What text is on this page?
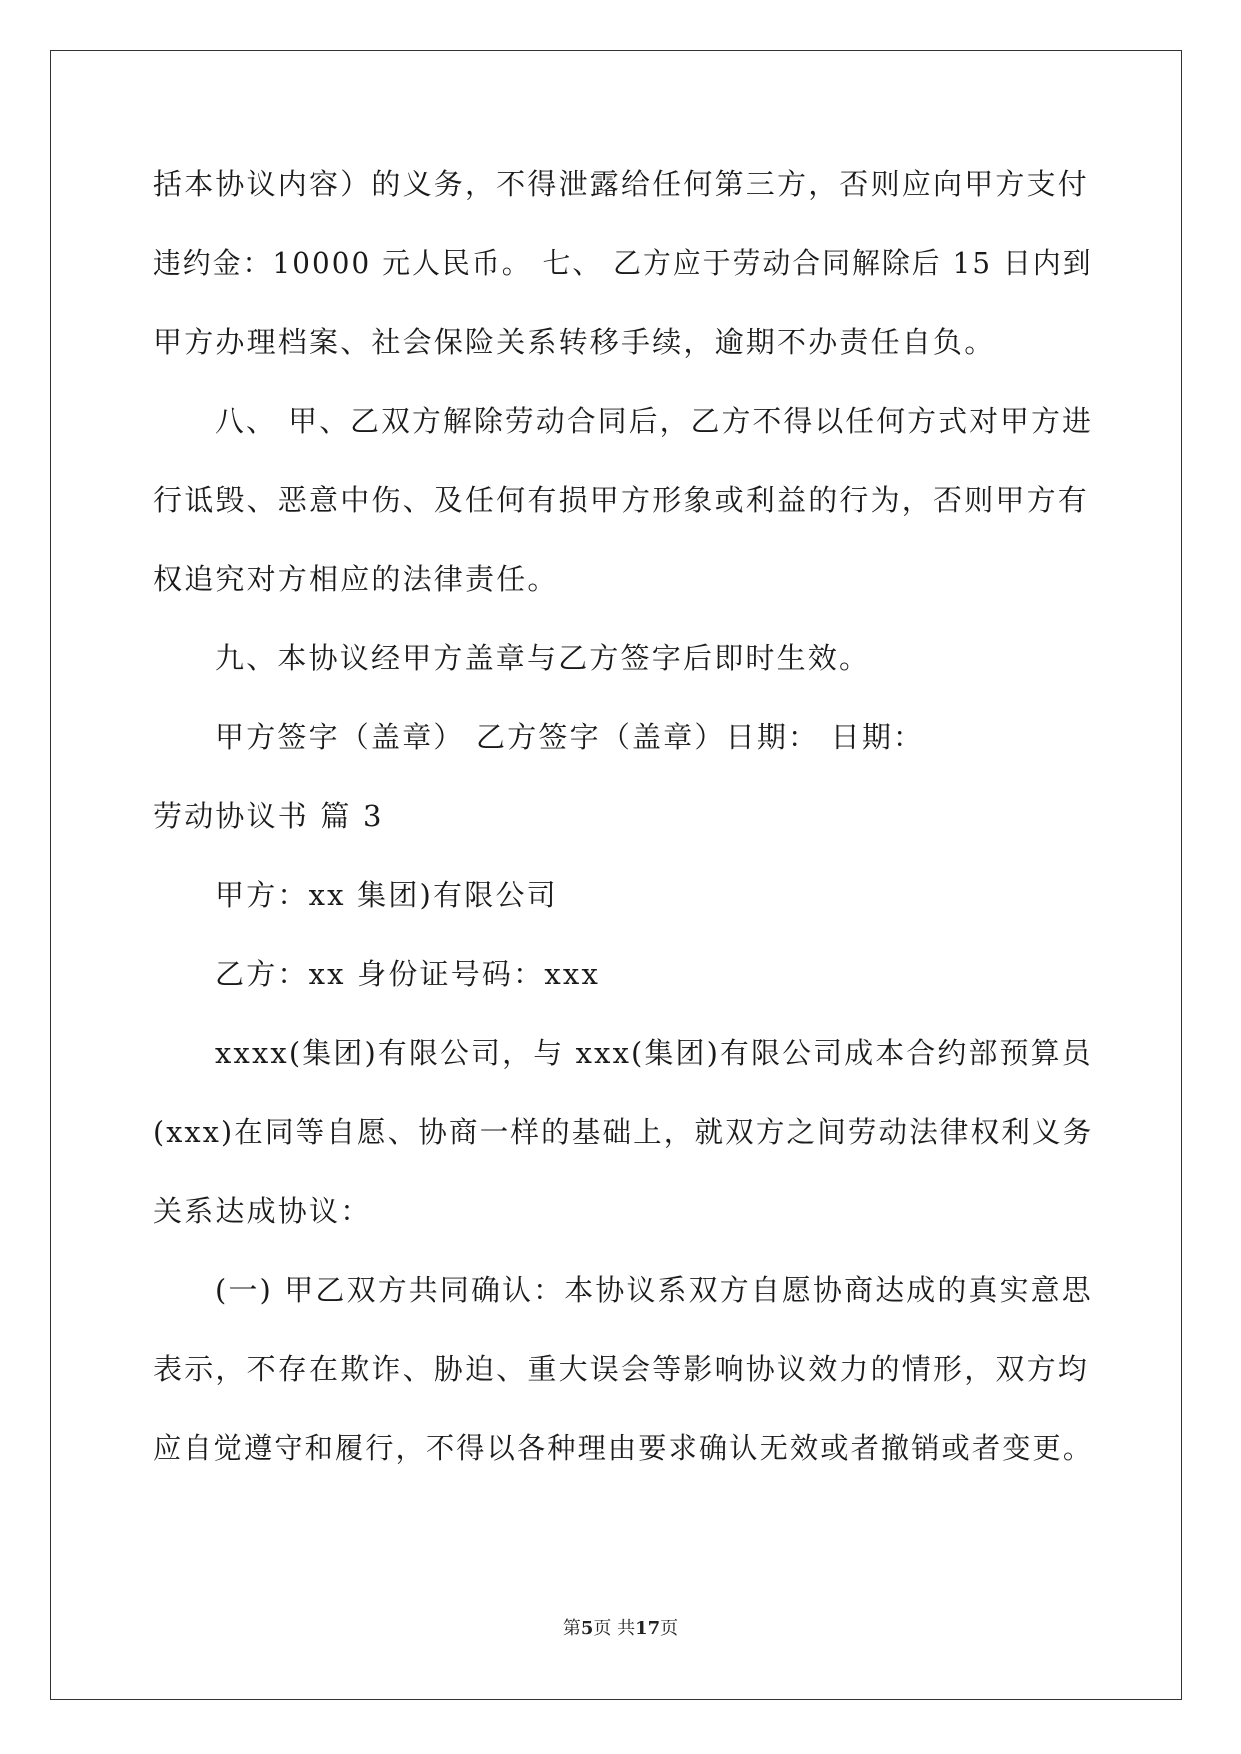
括本协议内容）的义务，不得泄露给任何第三方，否则应向甲方支付
违约金：10000 元人民币。 七、 乙方应于劳动合同解除后 15 日内到
甲方办理档案、社会保险关系转移手续，逾期不办责任自负。
八、 甲、乙双方解除劳动合同后，乙方不得以任何方式对甲方进
行诋毁、恶意中伤、及任何有损甲方形象或利益的行为，否则甲方有
权追究对方相应的法律责任。
九、本协议经甲方盖章与乙方签字后即时生效。
甲方签字（盖章） 乙方签字（盖章）日期： 日期：
劳动协议书 篇 3
甲方：xx 集团)有限公司
乙方：xx 身份证号码：xxx
xxxx(集团)有限公司，与 xxx(集团)有限公司成本合约部预算员
(xxx)在同等自愿、协商一样的基础上，就双方之间劳动法律权利义务
关系达成协议：
(一) 甲乙双方共同确认：本协议系双方自愿协商达成的真实意思
表示，不存在欺诈、胁迫、重大误会等影响协议效力的情形，双方均
应自觉遵守和履行，不得以各种理由要求确认无效或者撤销或者变更。
第5页 共17页
